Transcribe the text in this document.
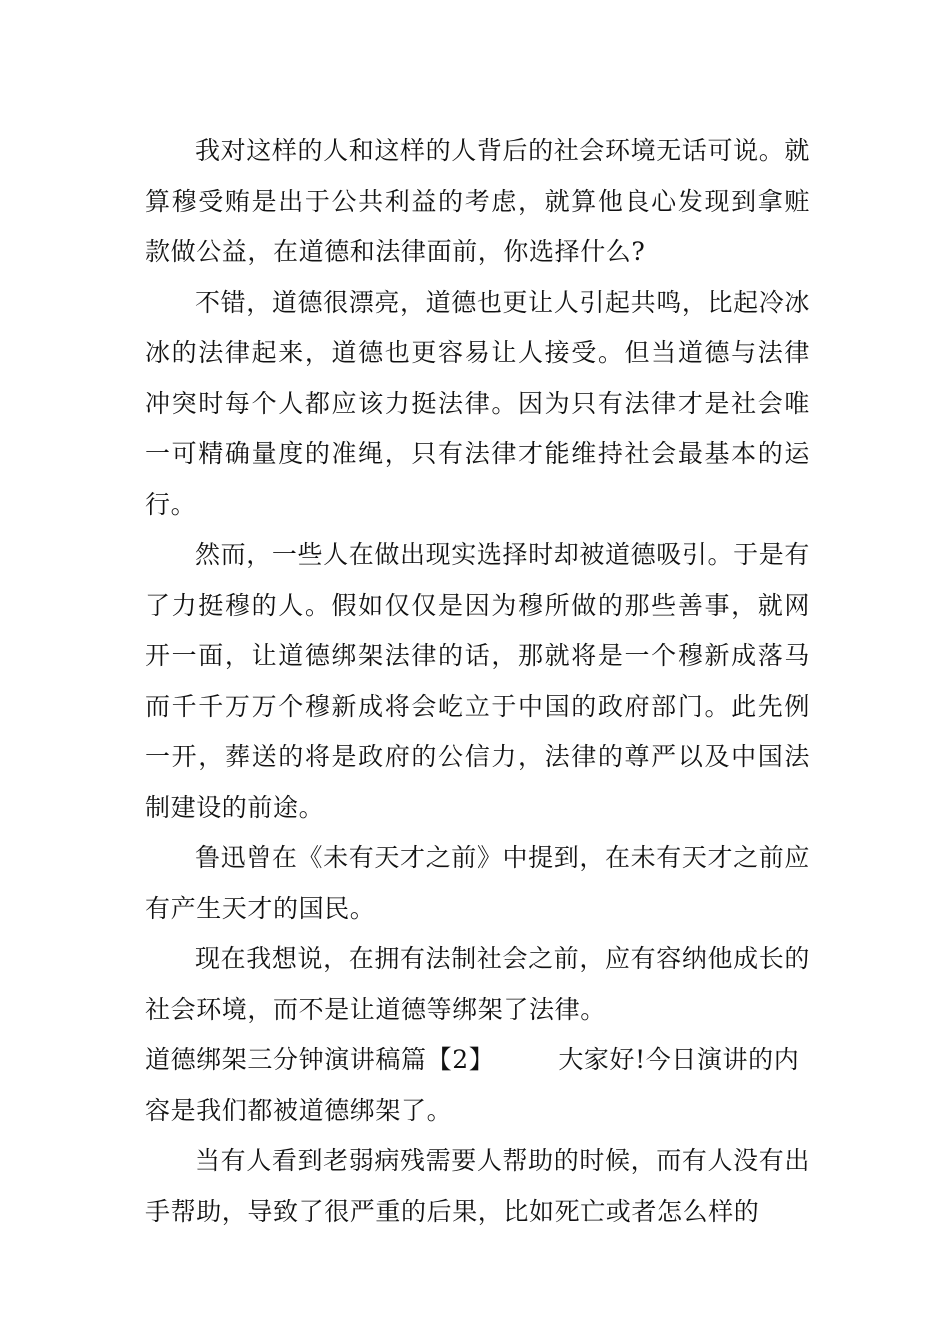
我对这样的人和这样的人背后的社会环境无话可说。就算穆受贿是出于公共利益的考虑，就算他良心发现到拿赃款做公益，在道德和法律面前，你选择什么?

不错，道德很漂亮，道德也更让人引起共鸣，比起冷冰冰的法律起来，道德也更容易让人接受。但当道德与法律冲突时每个人都应该力挺法律。因为只有法律才是社会唯一可精确量度的准绳，只有法律才能维持社会最基本的运行。

然而，一些人在做出现实选择时却被道德吸引。于是有了力挺穆的人。假如仅仅是因为穆所做的那些善事，就网开一面，让道德绑架法律的话，那就将是一个穆新成落马而千千万万个穆新成将会屹立于中国的政府部门。此先例一开，葬送的将是政府的公信力，法律的尊严以及中国法制建设的前途。

鲁迅曾在《未有天才之前》中提到，在未有天才之前应有产生天才的国民。

现在我想说，在拥有法制社会之前，应有容纳他成长的社会环境，而不是让道德等绑架了法律。

道德绑架三分钟演讲稿篇【2】	大家好!今日演讲的内容是我们都被道德绑架了。

当有人看到老弱病残需要人帮助的时候，而有人没有出手帮助，导致了很严重的后果，比如死亡或者怎么样的
